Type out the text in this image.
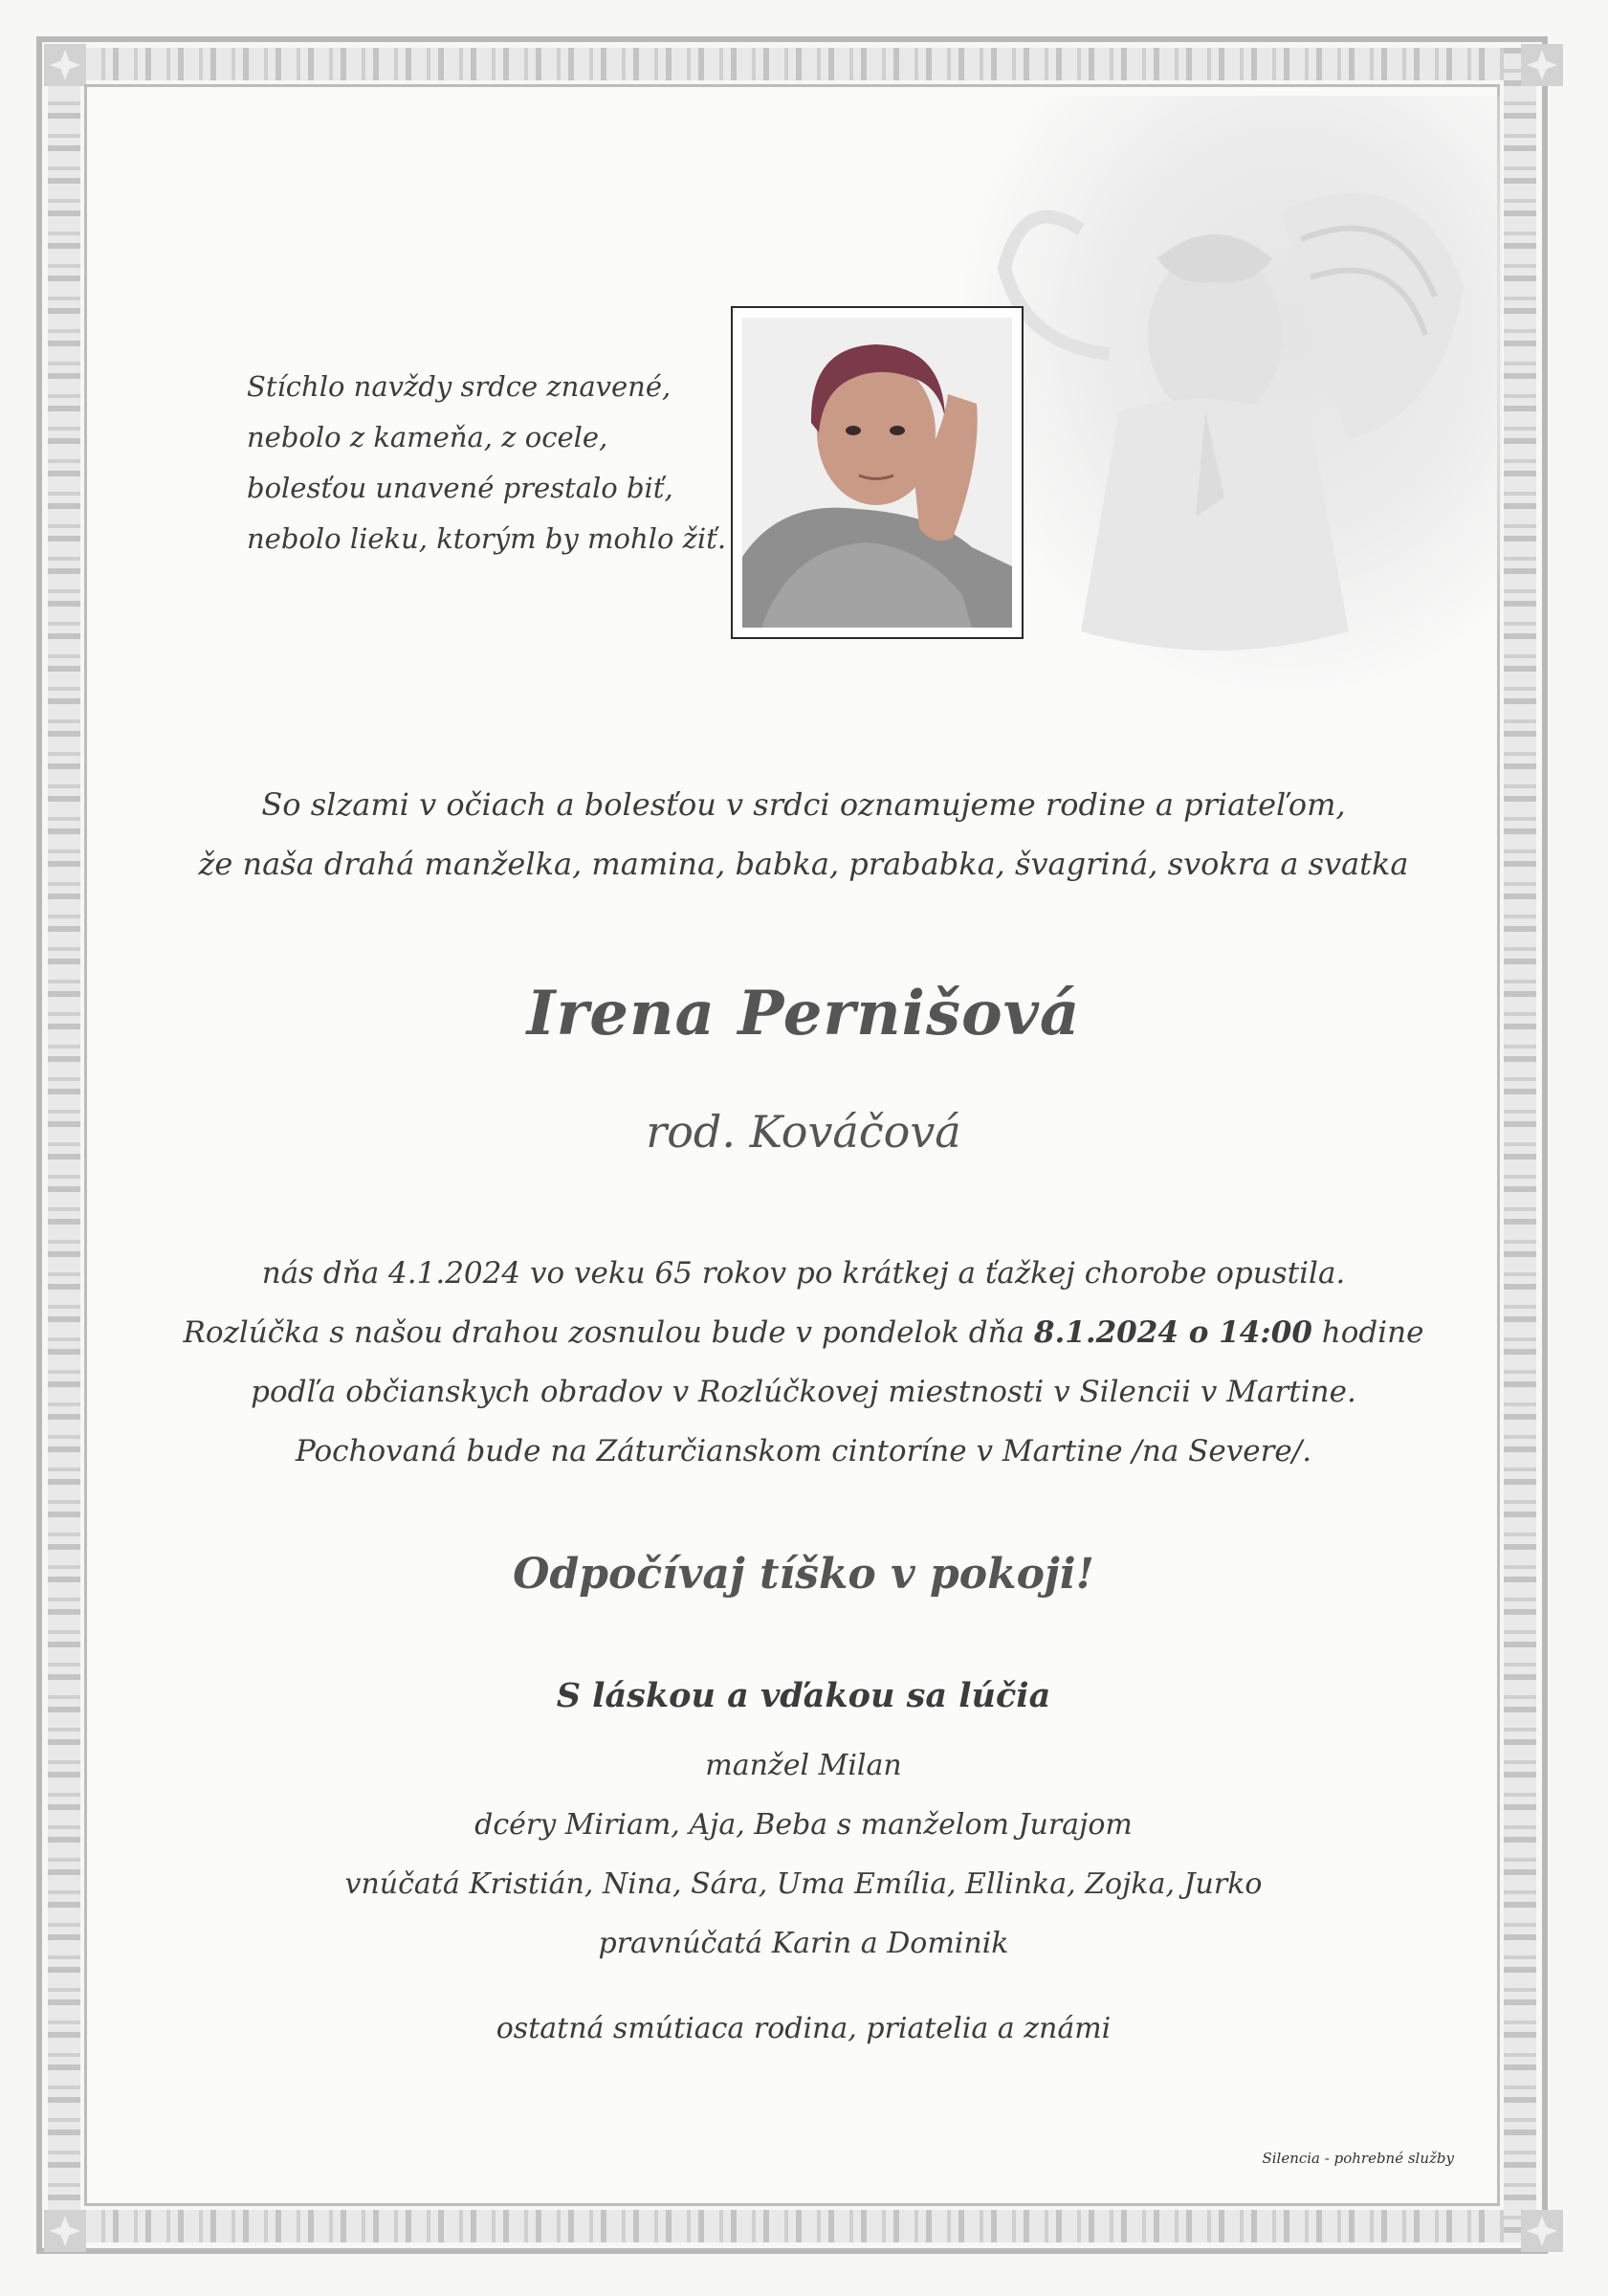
Stíchlo navždy srdce znavené,
nebolo z kameňa, z ocele,
bolesťou unavené prestalo biť,
nebolo lieku, ktorým by mohlo žiť.
So slzami v očiach a bolesťou v srdci oznamujeme rodine a priateľom,
že naša drahá manželka, mamina, babka, prababka, švagriná, svokra a svatka
Irena Pernišová
rod. Kováčová
nás dňa 4.1.2024 vo veku 65 rokov po krátkej a ťažkej chorobe opustila.
Rozlúčka s našou drahou zosnulou bude v pondelok dňa 8.1.2024 o 14:00 hodine
podľa občianskych obradov v Rozlúčkovej miestnosti v Silencii v Martine.
Pochovaná bude na Záturčianskom cintoríne v Martine /na Severe/.
Odpočívaj tíško v pokoji!
S láskou a vďakou sa lúčia
manžel Milan
dcéry Miriam, Aja, Beba s manželom Jurajom
vnúčatá Kristián, Nina, Sára, Uma Emília, Ellinka, Zojka, Jurko
pravnúčatá Karin a Dominik
ostatná smútiaca rodina, priatelia a známi
Silencia - pohrebné služby
